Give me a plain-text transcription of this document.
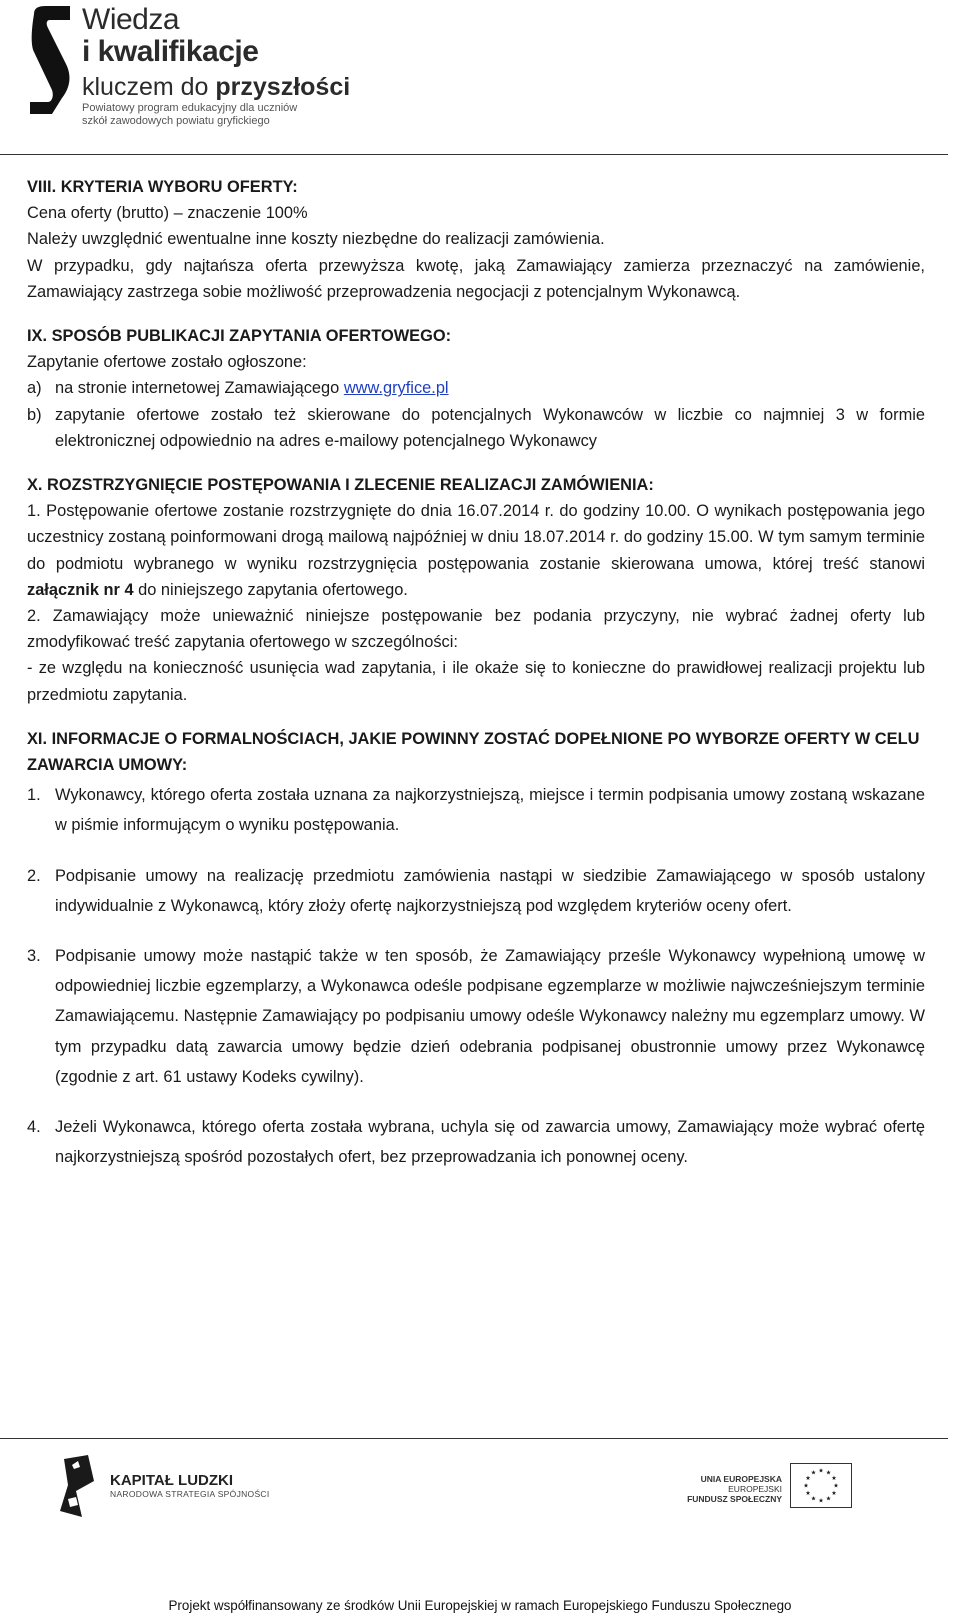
Wiedza
i kwalifikacje
kluczem do przyszłości
Powiatowy program edukacyjny dla uczniów
szkół zawodowych powiatu gryfickiego

VIII. KRYTERIA WYBORU OFERTY:

Cena oferty (brutto) – znaczenie 100%

Należy uwzględnić ewentualne inne koszty niezbędne do realizacji zamówienia.

W przypadku, gdy najtańsza oferta przewyższa kwotę, jaką Zamawiający zamierza przeznaczyć na zamówienie, Zamawiający zastrzega sobie możliwość przeprowadzenia negocjacji z potencjalnym Wykonawcą.

IX. SPOSÓB PUBLIKACJI ZAPYTANIA OFERTOWEGO:

Zapytanie ofertowe zostało ogłoszone:

a) na stronie internetowej Zamawiającego www.gryfice.pl
b) zapytanie ofertowe zostało też skierowane do potencjalnych Wykonawców w liczbie co najmniej 3 w formie elektronicznej odpowiednio na adres e-mailowy potencjalnego Wykonawcy

X. ROZSTRZYGNIĘCIE POSTĘPOWANIA I ZLECENIE REALIZACJI ZAMÓWIENIA:

1. Postępowanie ofertowe zostanie rozstrzygnięte do dnia 16.07.2014 r. do godziny 10.00. O wynikach postępowania jego uczestnicy zostaną poinformowani drogą mailową najpóźniej w dniu 18.07.2014 r. do godziny 15.00. W tym samym terminie do podmiotu wybranego w wyniku rozstrzygnięcia postępowania zostanie skierowana umowa, której treść stanowi załącznik nr 4 do niniejszego zapytania ofertowego.

2. Zamawiający może unieważnić niniejsze postępowanie bez podania przyczyny, nie wybrać żadnej oferty lub zmodyfikować treść zapytania ofertowego w szczególności:

- ze względu na konieczność usunięcia wad zapytania, i ile okaże się to konieczne do prawidłowej realizacji projektu lub przedmiotu zapytania.

XI. INFORMACJE O FORMALNOŚCIACH, JAKIE POWINNY ZOSTAĆ DOPEŁNIONE PO WYBORZE OFERTY W CELU ZAWARCIA UMOWY:

1. Wykonawcy, którego oferta została uznana za najkorzystniejszą, miejsce i termin podpisania umowy zostaną wskazane w piśmie informującym o wyniku postępowania.
2. Podpisanie umowy na realizację przedmiotu zamówienia nastąpi w siedzibie Zamawiającego w sposób ustalony indywidualnie z Wykonawcą, który złoży ofertę najkorzystniejszą pod względem kryteriów oceny ofert.
3. Podpisanie umowy może nastąpić także w ten sposób, że Zamawiający prześle Wykonawcy wypełnioną umowę w odpowiedniej liczbie egzemplarzy, a Wykonawca odeśle podpisane egzemplarze w możliwie najwcześniejszym terminie Zamawiającemu. Następnie Zamawiający po podpisaniu umowy odeśle Wykonawcy należny mu egzemplarz umowy. W tym przypadku datą zawarcia umowy będzie dzień odebrania podpisanej obustronnie umowy przez Wykonawcę (zgodnie z art. 61 ustawy Kodeks cywilny).
4. Jeżeli Wykonawca, którego oferta została wybrana, uchyla się od zawarcia umowy, Zamawiający może wybrać ofertę najkorzystniejszą spośród pozostałych ofert, bez przeprowadzania ich ponownej oceny.
KAPITAŁ LUDZKI
NARODOWA STRATEGIA SPÓJNOŚCI
UNIA EUROPEJSKA
EUROPEJSKI
FUNDUSZ SPOŁECZNY
Projekt współfinansowany ze środków Unii Europejskiej w ramach Europejskiego Funduszu Społecznego
